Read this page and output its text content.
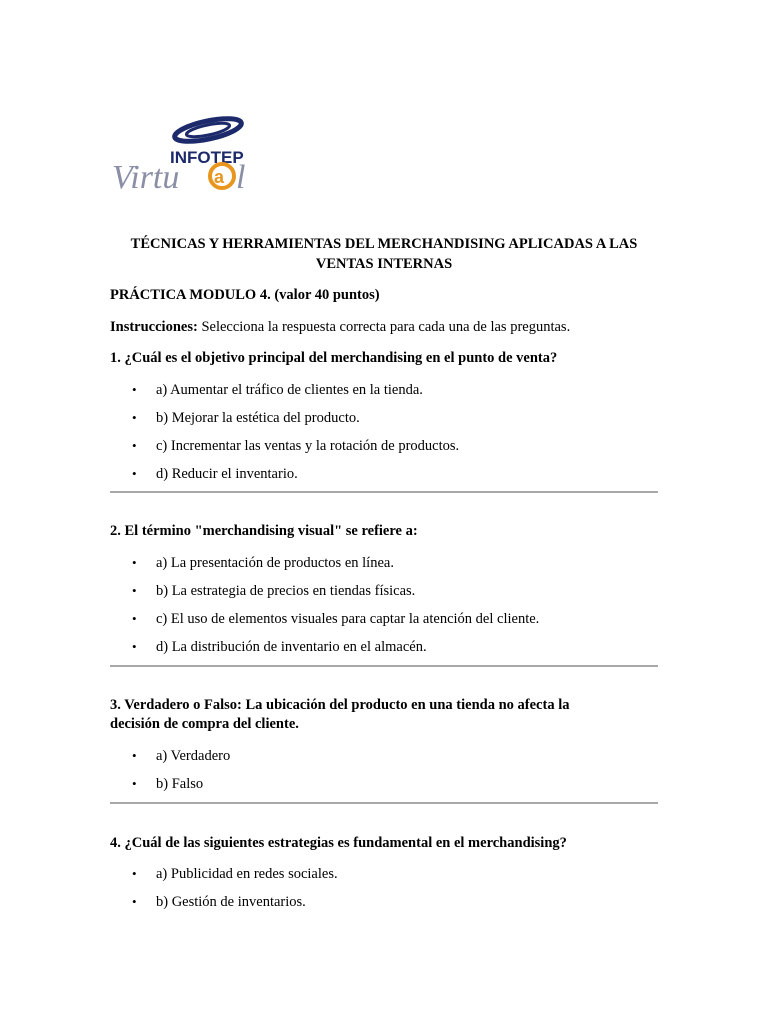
INFOTEP
Virtu a l
TÉCNICAS Y HERRAMIENTAS DEL MERCHANDISING APLICADAS A LAS
VENTAS INTERNAS
PRÁCTICA MODULO 4. (valor 40 puntos)
Instrucciones: Selecciona la respuesta correcta para cada una de las preguntas.
1. ¿Cuál es el objetivo principal del merchandising en el punto de venta?
• a) Aumentar el tráfico de clientes en la tienda.
• b) Mejorar la estética del producto.
• c) Incrementar las ventas y la rotación de productos.
• d) Reducir el inventario.
2. El término "merchandising visual" se refiere a:
• a) La presentación de productos en línea.
• b) La estrategia de precios en tiendas físicas.
• c) El uso de elementos visuales para captar la atención del cliente.
• d) La distribución de inventario en el almacén.
3. Verdadero o Falso: La ubicación del producto en una tienda no afecta la
decisión de compra del cliente.
• a) Verdadero
• b) Falso
4. ¿Cuál de las siguientes estrategias es fundamental en el merchandising?
• a) Publicidad en redes sociales.
• b) Gestión de inventarios.
